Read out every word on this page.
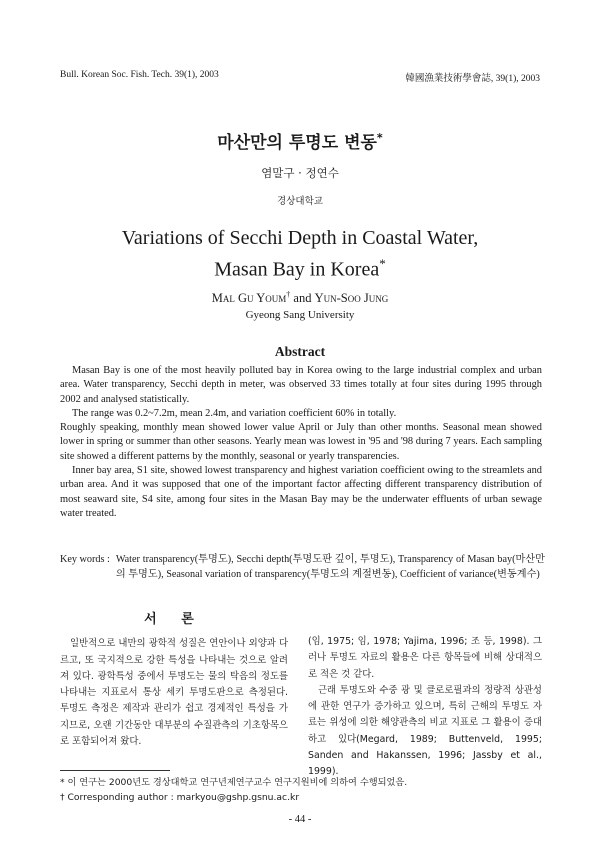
Bull. Korean Soc. Fish. Tech. 39(1), 2003	韓國漁業技術學會誌, 39(1), 2003
마산만의 투명도 변동*
염말구 · 정연수
경상대학교
Variations of Secchi Depth in Coastal Water,
Masan Bay in Korea*
Mal Gu Youm† and Yun-Soo Jung
Gyeong Sang University
Abstract

Masan Bay is one of the most heavily polluted bay in Korea owing to the large industrial complex and urban area. Water transparency, Secchi depth in meter, was observed 33 times totally at four sites during 1995 through 2002 and analysed statistically.

The range was 0.2~7.2m, mean 2.4m, and variation coefficient 60% in totally.

Roughly speaking, monthly mean showed lower value April or July than other months. Seasonal mean showed lower in spring or summer than other seasons. Yearly mean was lowest in '95 and '98 during 7 years. Each sampling site showed a different patterns by the monthly, seasonal or yearly transparencies.

Inner bay area, S1 site, showed lowest transparency and highest variation coefficient owing to the streamlets and urban area. And it was supposed that one of the important factor affecting different transparency distribution of most seaward site, S4 site, among four sites in the Masan Bay may be the underwater effluents of urban sewage water treated.

Key words : Water transparency(투명도), Secchi depth(투명도판 깊이, 투명도), Transparency of Masan bay(마산만의 투명도), Seasonal variation of transparency(투명도의 계절변동), Coefficient of variance(변동계수)
서 론

일반적으로 내만의 광학적 성질은 연안이나 외양과 다르고, 또 국지적으로 강한 특성을 나타내는 것으로 알려져 있다. 광학특성 중에서 투명도는 물의 탁음의 정도를 나타내는 지표로서 통상 세키 투명도판으로 측정된다. 투명도 측정은 제작과 관리가 쉽고 경제적인 특성을 가지므로, 오랜 기간동안 대부분의 수질관측의 기초항목으로 포함되어져 왔다.

(임, 1975; 임, 1978; Yajima, 1996; 조 등, 1998). 그러나 투명도 자료의 활용은 다른 항목들에 비해 상대적으로 적은 것 같다.

근래 투명도와 수중 광 및 클로로필과의 정량적 상관성에 관한 연구가 증가하고 있으며, 특히 근해의 투명도 자료는 위성에 의한 해양관측의 비교 지표로 그 활용이 증대하고 있다(Megard, 1989; Buttenveld, 1995; Sanden and Hakanssen, 1996; Jassby et al., 1999).

* 이 연구는 2000년도 경상대학교 연구년제연구교수 연구지원비에 의하여 수행되었음.
† Corresponding author : markyou@gshp.gsnu.ac.kr
- 44 -
